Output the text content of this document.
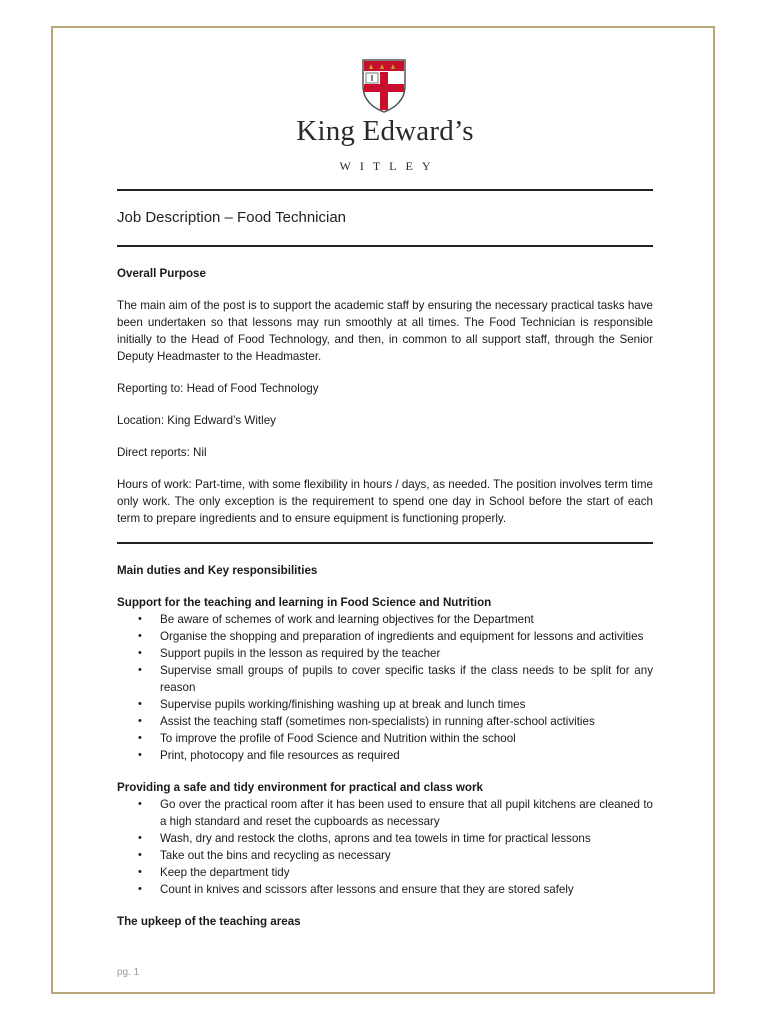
King Edward’s
WITLEY
Job Description – Food Technician

Overall Purpose

The main aim of the post is to support the academic staff by ensuring the necessary practical tasks have been undertaken so that lessons may run smoothly at all times. The Food Technician is responsible initially to the Head of Food Technology, and then, in common to all support staff, through the Senior Deputy Headmaster to the Headmaster.

Reporting to: Head of Food Technology

Location: King Edward’s Witley

Direct reports: Nil

Hours of work: Part-time, with some flexibility in hours / days, as needed. The position involves term time only work. The only exception is the requirement to spend one day in School before the start of each term to prepare ingredients and to ensure equipment is functioning properly.

Main duties and Key responsibilities

Support for the teaching and learning in Food Science and Nutrition

• Be aware of schemes of work and learning objectives for the Department
• Organise the shopping and preparation of ingredients and equipment for lessons and activities
• Support pupils in the lesson as required by the teacher
• Supervise small groups of pupils to cover specific tasks if the class needs to be split for any reason
• Supervise pupils working/finishing washing up at break and lunch times
• Assist the teaching staff (sometimes non-specialists) in running after-school activities
• To improve the profile of Food Science and Nutrition within the school
• Print, photocopy and file resources as required

Providing a safe and tidy environment for practical and class work

• Go over the practical room after it has been used to ensure that all pupil kitchens are cleaned to a high standard and reset the cupboards as necessary
• Wash, dry and restock the cloths, aprons and tea towels in time for practical lessons
• Take out the bins and recycling as necessary
• Keep the department tidy
• Count in knives and scissors after lessons and ensure that they are stored safely

The upkeep of the teaching areas

pg. 1
